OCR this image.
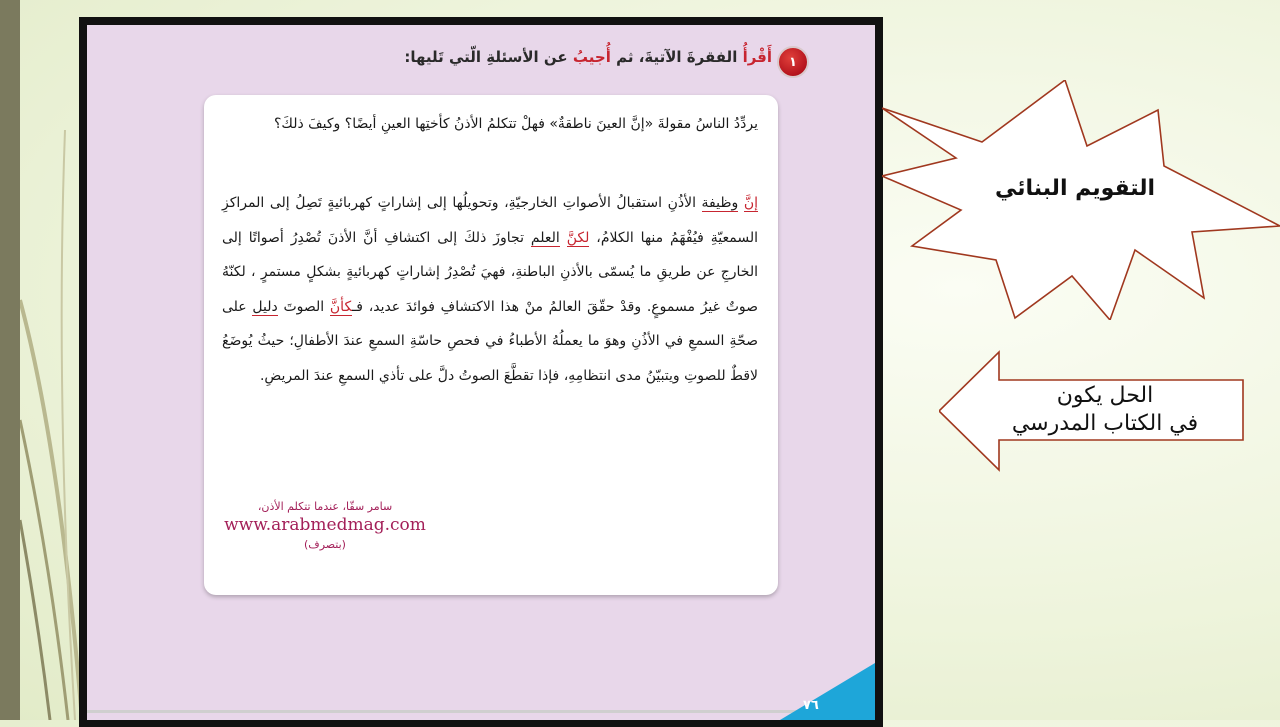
١
أَقْرأُ الفقرةَ الآتيةَ، ثم أُجيبُ عن الأسئلةِ الّتي تَليها:
يردِّدُ الناسُ مقولةَ «إنَّ العينَ ناطقةٌ» فهلْ تتكلمُ الأذنُ كأختِها العينِ أيضًا؟ وكيفَ ذلكَ؟
إنَّ وظيفة الأذُنِ استقبالُ الأصواتِ الخارجيّةِ، وتحويلُها إلى إشاراتٍ كهربائيةٍ تَصِلُ إلى المراكزِ السمعيّةِ فيُفْهَمُ منها الكلامُ، لكنَّ العلم تجاوزَ ذلكَ إلى اكتشافِ أنَّ الأذنَ تُصْدِرُ أصواتًا إلى الخارجِ عن طريقِ ما يُسمّى بالأذنِ الباطنةِ، فهيَ تُصْدِرُ إشاراتٍ كهربائيةٍ بشكلٍ مستمرٍ ، لكنّهُ صوتٌ غيرُ مسموعٍ. وقدْ حقّقَ العالمُ منْ هذا الاكتشافِ فوائدَ عديد، فـكأنَّ الصوتَ دليل على صحّةِ السمعِ في الأذُنِ وهوَ ما يعملُهُ الأطباءُ في فحصِ حاسّةِ السمعِ عندَ الأطفالِ؛ حيثُ يُوضَعُ لاقطٌ للصوتِ ويتبيّنُ مدى انتظامِهِ، فإذا تقطَّعَ الصوتُ دلَّ على تأذي السمعِ عندَ المريضِ.
سامر سقّا، عندما تتكلم الأذن،
www.arabmedmag.com
(بتصرف)
٧٦
التقويم البنائي
الحل يكون
في الكتاب المدرسي
